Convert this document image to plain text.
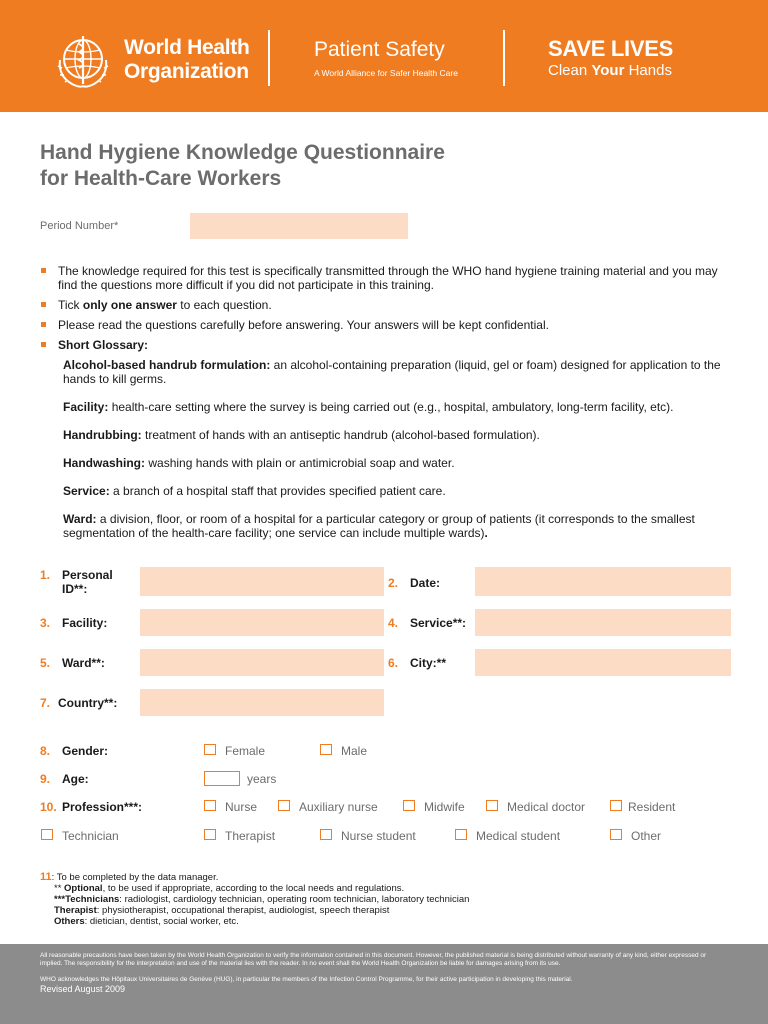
World Health
Organization
Patient Safety
A World Alliance for Safer Health Care
SAVE LIVES
Clean Your Hands
Hand Hygiene Knowledge Questionnaire
for Health-Care Workers
Period Number*
The knowledge required for this test is specifically transmitted through the WHO hand hygiene training material and you may find the questions more difficult if you did not participate in this training.
Tick only one answer to each question.
Please read the questions carefully before answering. Your answers will be kept confidential.
Short Glossary:
Alcohol-based handrub formulation: an alcohol-containing preparation (liquid, gel or foam) designed for application to the hands to kill germs.
Facility: health-care setting where the survey is being carried out (e.g., hospital, ambulatory, long-term facility, etc).
Handrubbing: treatment of hands with an antiseptic handrub (alcohol-based formulation).
Handwashing: washing hands with plain or antimicrobial soap and water.
Service: a branch of a hospital staff that provides specified patient care.
Ward: a division, floor, or room of a hospital for a particular category or group of patients (it corresponds to the smallest segmentation of the health-care facility; one service can include multiple wards).
1. Personal
ID**:	2. Date:
3. Facility:	4. Service**:
5. Ward**:	6. City:**
7. Country**:
8. Gender:	Female	Male
9. Age:	years
10. Profession***:	Nurse	Auxiliary nurse	Midwife	Medical doctor	Resident
Technician	Therapist	Nurse student	Medical student	Other
11: To be completed by the data manager.
** Optional, to be used if appropriate, according to the local needs and regulations.
***Technicians: radiologist, cardiology technician, operating room technician, laboratory technician
Therapist: physiotherapist, occupational therapist, audiologist, speech therapist
Others: dietician, dentist, social worker, etc.
All reasonable precautions have been taken by the World Health Organization to verify the information contained in this document. However, the published material is being distributed without warranty of any kind, either expressed or implied. The responsibility for the interpretation and use of the material lies with the reader. In no event shall the World Health Organization be liable for damages arising from its use.
WHO acknowledges the Hôpitaux Universitaires de Genève (HUG), in particular the members of the Infection Control Programme, for their active participation in developing this material.
Revised August 2009
